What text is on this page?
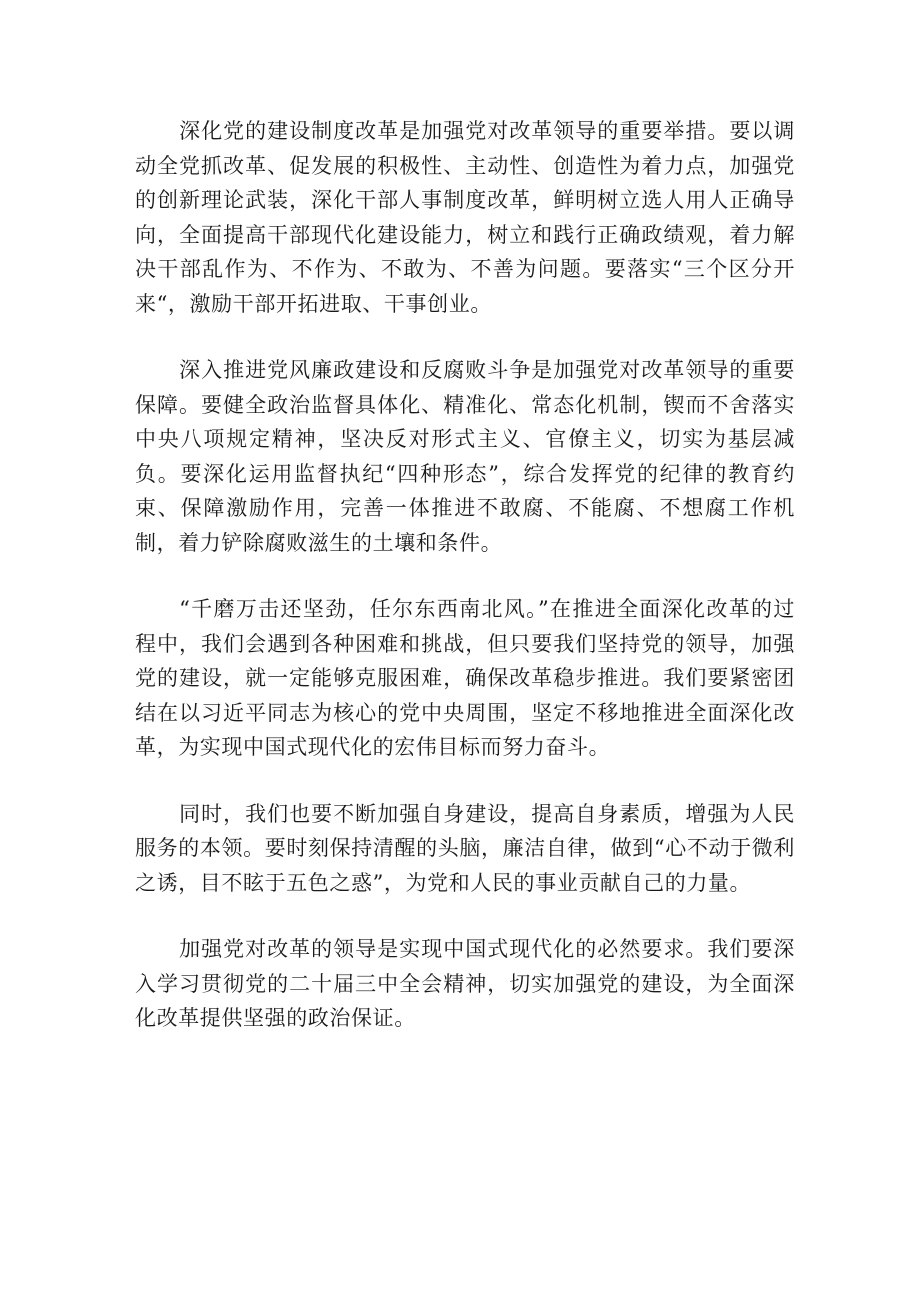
深化党的建设制度改革是加强党对改革领导的重要举措。要以调动全党抓改革、促发展的积极性、主动性、创造性为着力点，加强党的创新理论武装，深化干部人事制度改革，鲜明树立选人用人正确导向，全面提高干部现代化建设能力，树立和践行正确政绩观，着力解决干部乱作为、不作为、不敢为、不善为问题。要落实“三个区分开来“，激励干部开拓进取、干事创业。

深入推进党风廉政建设和反腐败斗争是加强党对改革领导的重要保障。要健全政治监督具体化、精准化、常态化机制，锲而不舍落实中央八项规定精神，坚决反对形式主义、官僚主义，切实为基层减负。要深化运用监督执纪“四种形态”，综合发挥党的纪律的教育约束、保障激励作用，完善一体推进不敢腐、不能腐、不想腐工作机制，着力铲除腐败滋生的土壤和条件。

“千磨万击还坚劲，任尔东西南北风。”在推进全面深化改革的过程中，我们会遇到各种困难和挑战，但只要我们坚持党的领导，加强党的建设，就一定能够克服困难，确保改革稳步推进。我们要紧密团结在以习近平同志为核心的党中央周围，坚定不移地推进全面深化改革，为实现中国式现代化的宏伟目标而努力奋斗。

同时，我们也要不断加强自身建设，提高自身素质，增强为人民服务的本领。要时刻保持清醒的头脑，廉洁自律，做到“心不动于微利之诱，目不眩于五色之惑”，为党和人民的事业贡献自己的力量。

加强党对改革的领导是实现中国式现代化的必然要求。我们要深入学习贯彻党的二十届三中全会精神，切实加强党的建设，为全面深化改革提供坚强的政治保证。
